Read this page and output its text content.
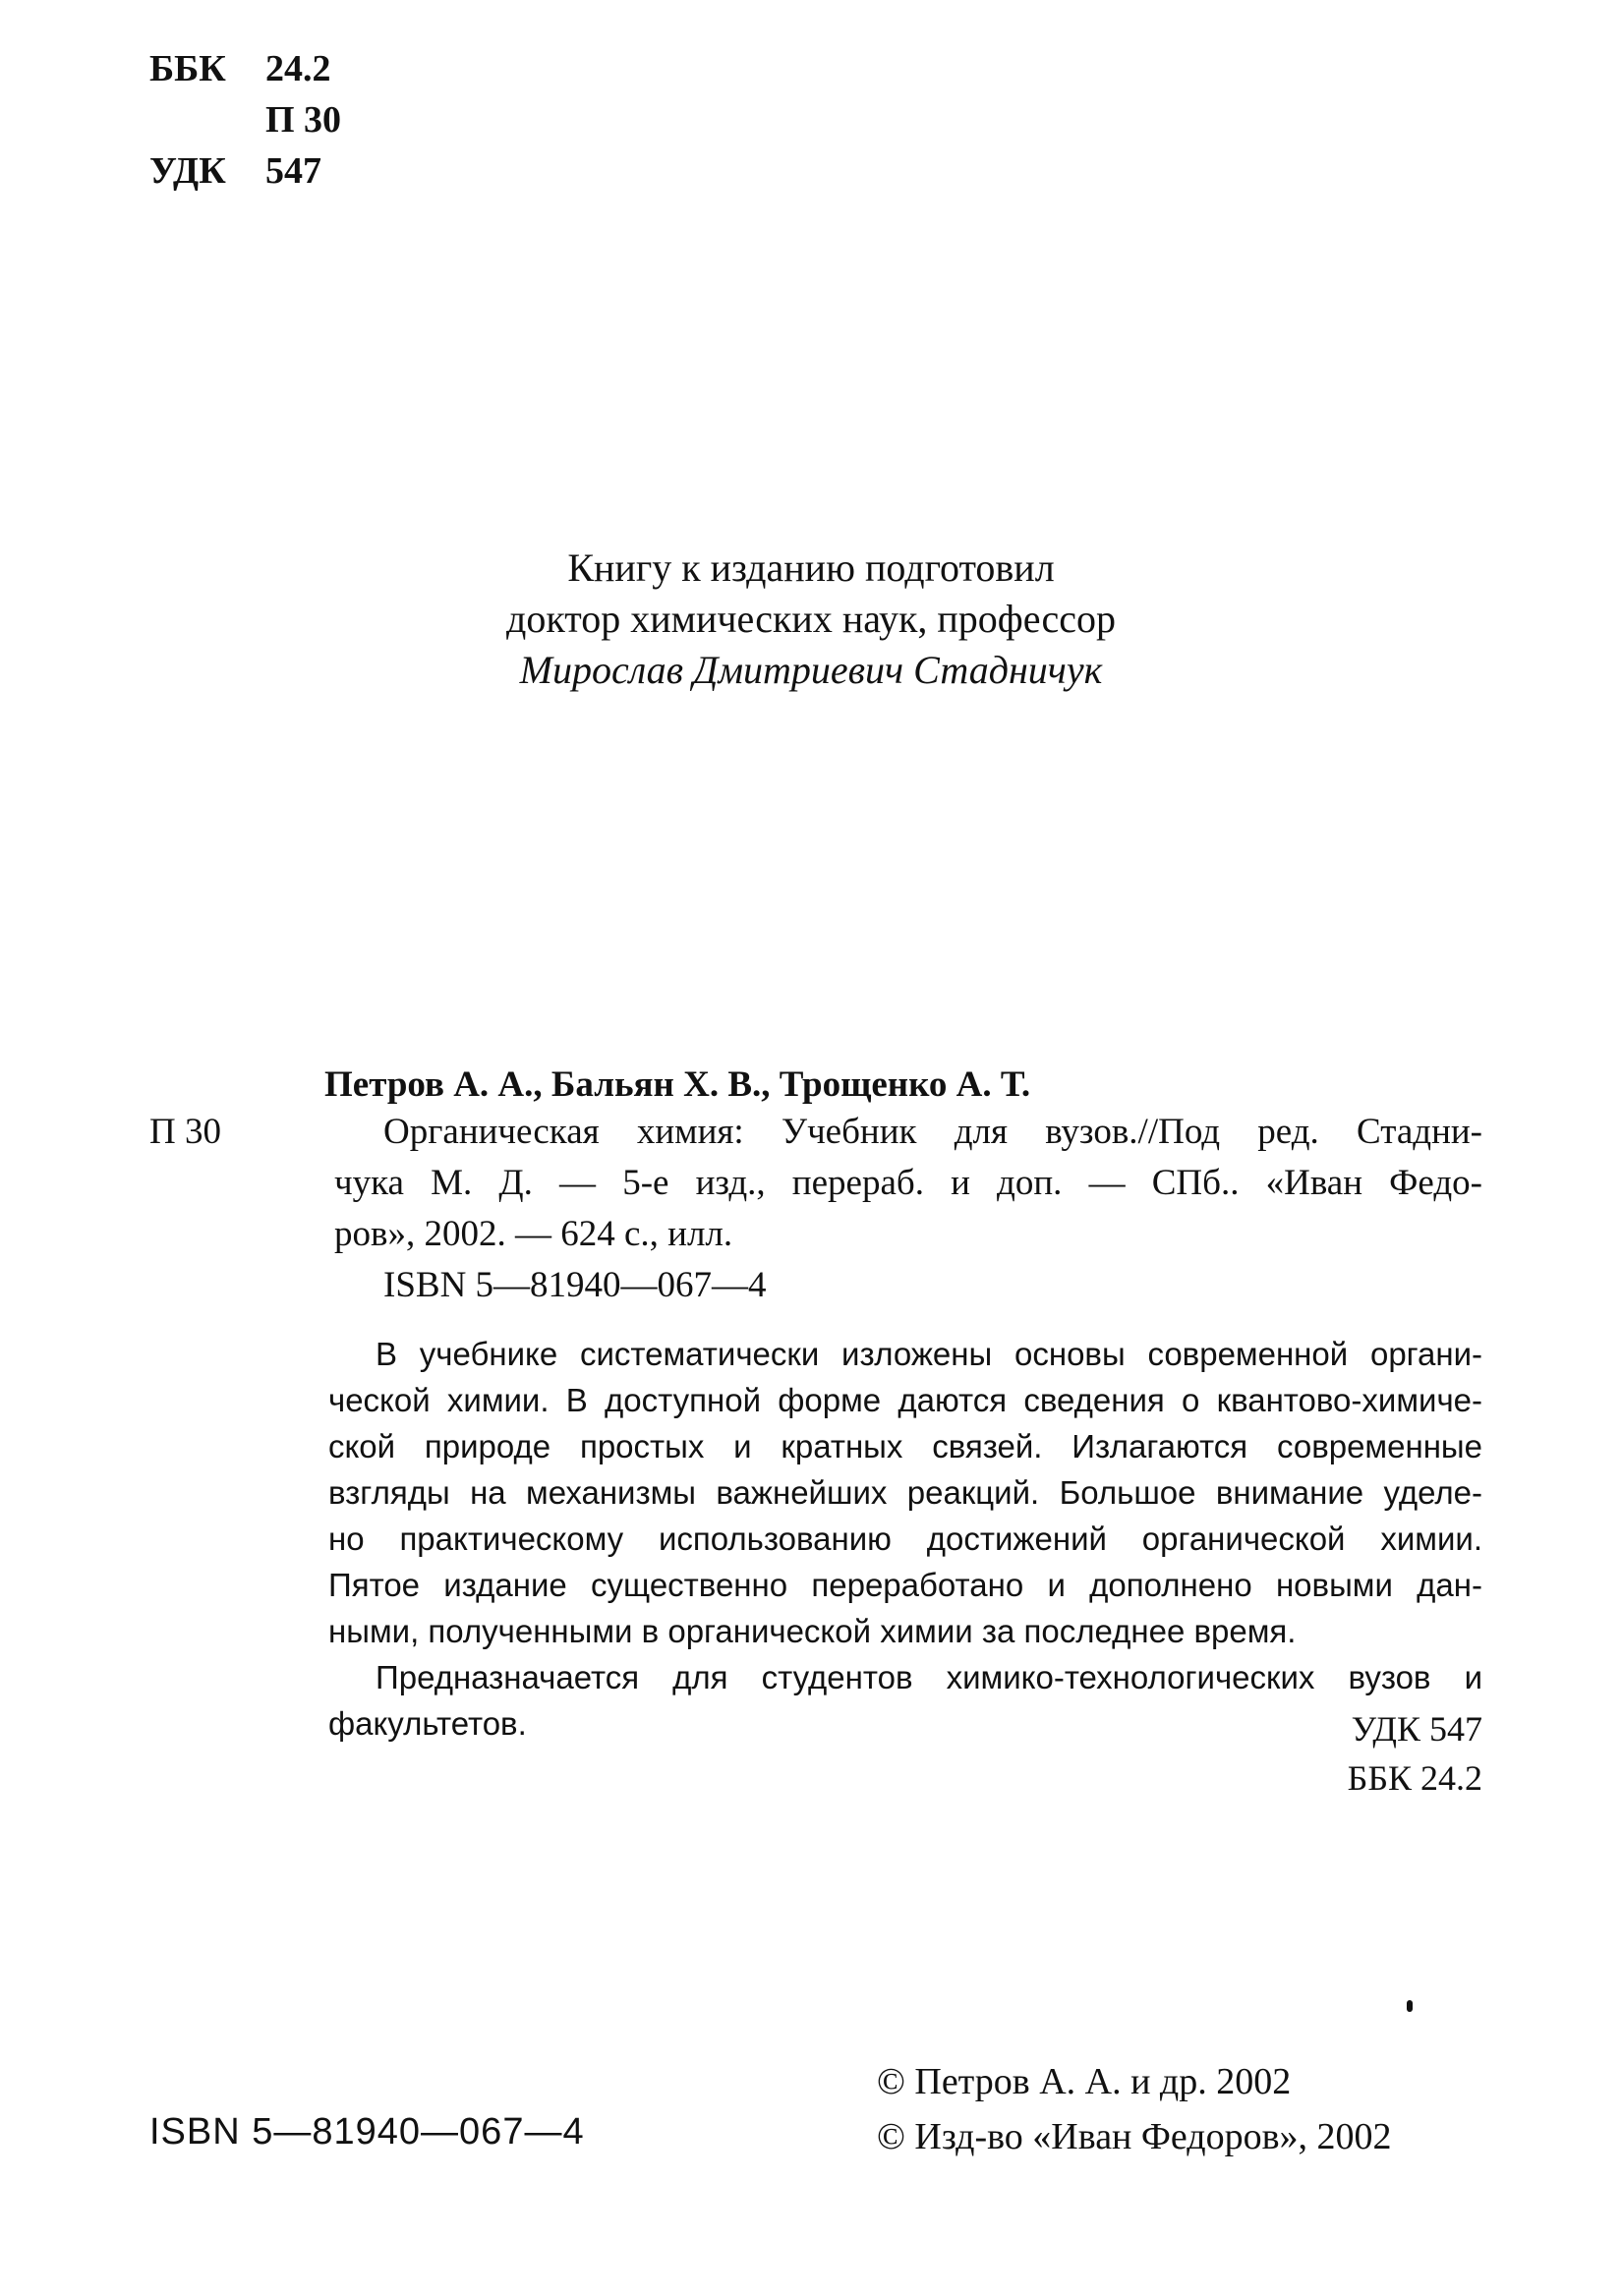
ББК 24.2
П 30
УДК 547
Книгу к изданию подготовил
доктор химических наук, профессор
Мирослав Дмитриевич Стадничук
Петров А. А., Бальян Х. В., Трощенко А. Т.
П 30	Органическая химия: Учебник для вузов.//Под ред. Стадни-
чука М. Д. — 5-е изд., перераб. и доп. — СПб.. «Иван Федо-
ров», 2002. — 624 с., илл.
ISBN 5—81940—067—4
В учебнике систематически изложены основы современной органи-
ческой химии. В доступной форме даются сведения о квантово-химиче-
ской природе простых и кратных связей. Излагаются современные
взгляды на механизмы важнейших реакций. Большое внимание уделе-
но практическому использованию достижений органической химии.
Пятое издание существенно переработано и дополнено новыми дан-
ными, полученными в органической химии за последнее время.
Предназначается для студентов химико-технологических вузов и
факультетов.	УДК 547
ББК 24.2
ISBN 5—81940—067—4
© Петров А. А. и др. 2002
© Изд-во «Иван Федоров», 2002
